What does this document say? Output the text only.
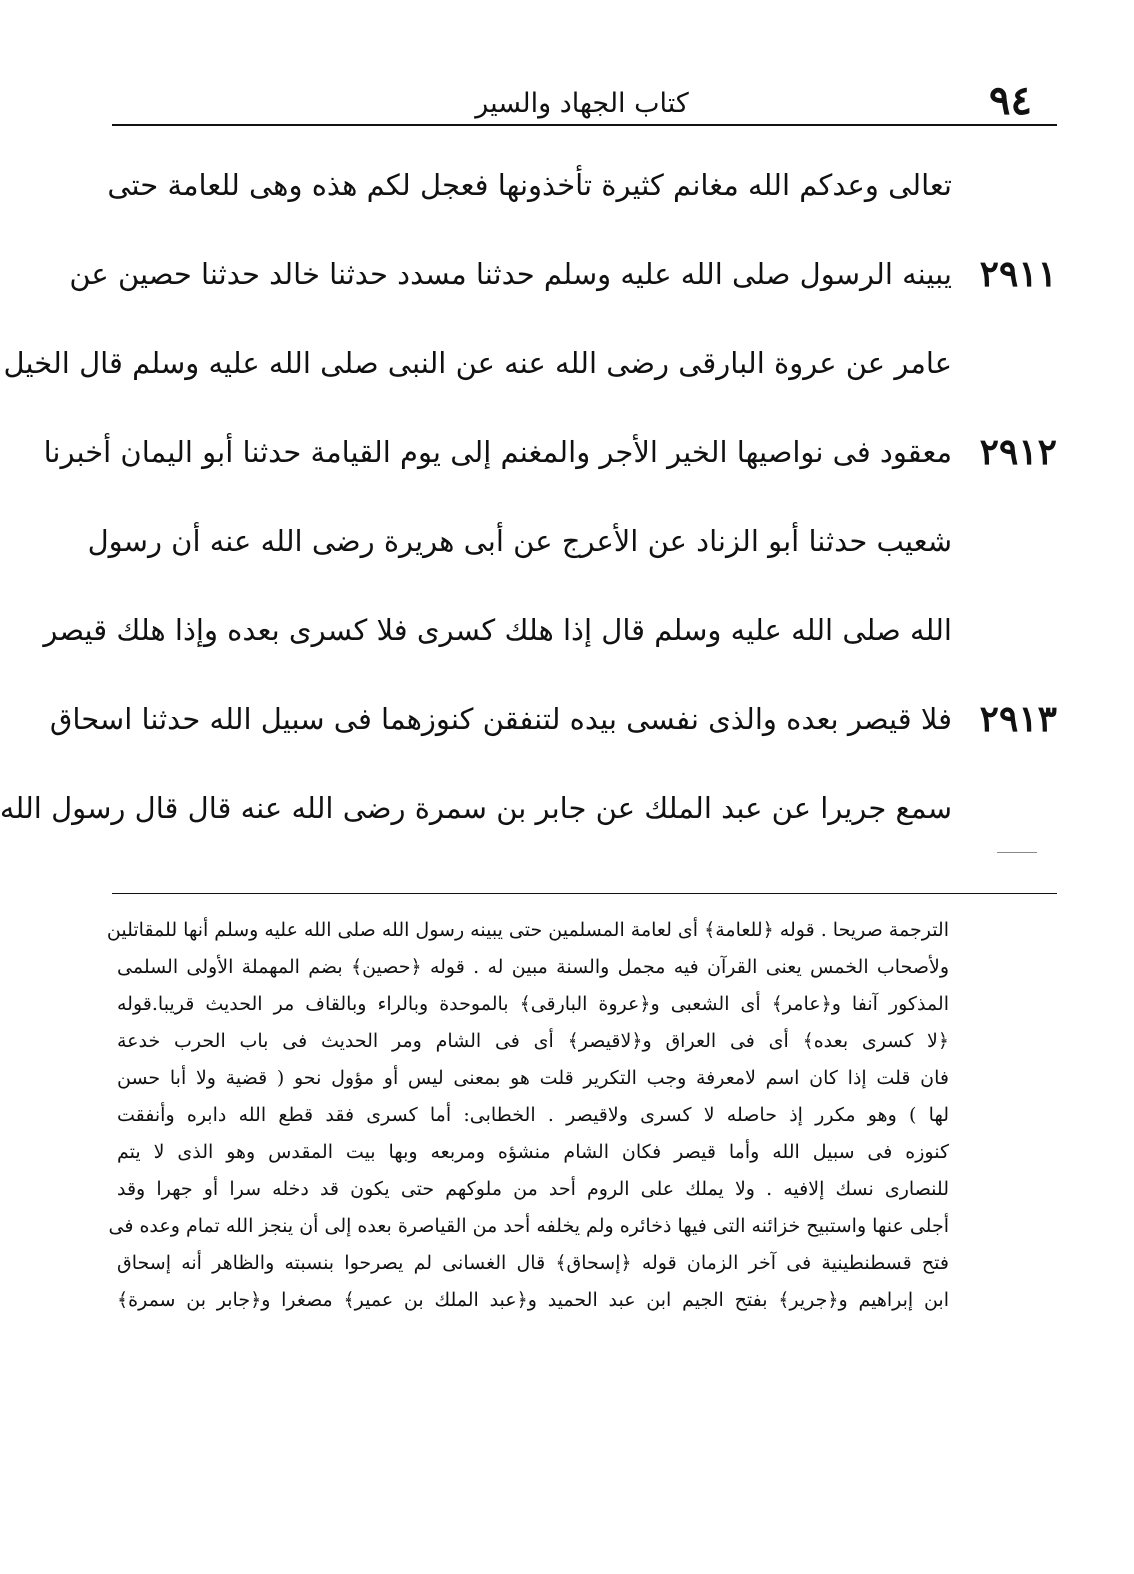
٩٤
كتاب الجهاد والسير
تعالى وعدكم الله مغانم كثيرة تأخذونها فعجل لكم هذه وهى للعامة حتى
٢٩١١
يبينه الرسول صلى الله عليه وسلم حدثنا مسدد حدثنا خالد حدثنا حصين عن
عامر عن عروة البارقى رضى الله عنه عن النبى صلى الله عليه وسلم قال الخيل
٢٩١٢
معقود فى نواصيها الخير الأجر والمغنم إلى يوم القيامة حدثنا أبو اليمان أخبرنا
شعيب حدثنا أبو الزناد عن الأعرج عن أبى هريرة رضى الله عنه أن رسول
الله صلى الله عليه وسلم قال إذا هلك كسرى فلا كسرى بعده وإذا هلك قيصر
٢٩١٣
فلا قيصر بعده والذى نفسى بيده لتنفقن كنوزهما فى سبيل الله حدثنا اسحاق
سمع جريرا عن عبد الملك عن جابر بن سمرة رضى الله عنه قال قال رسول الله
الترجمة صريحا . قوله ﴿للعامة﴾ أى لعامة المسلمين حتى يبينه رسول الله صلى الله عليه وسلم أنها للمقاتلين
ولأصحاب الخمس يعنى القرآن فيه مجمل والسنة مبين له . قوله ﴿حصين﴾ بضم المهملة الأولى السلمى
المذكور آنفا و﴿عامر﴾ أى الشعبى و﴿عروة البارقى﴾ بالموحدة وبالراء وبالقاف مر الحديث قريبا.قوله
﴿لا كسرى بعده﴾ أى فى العراق و﴿لاقيصر﴾ أى فى الشام ومر الحديث فى باب الحرب خدعة
فان قلت إذا كان اسم لامعرفة وجب التكرير قلت هو بمعنى ليس أو مؤول نحو ( قضية ولا أبا حسن
لها ) وهو مكرر إذ حاصله لا كسرى ولاقيصر . الخطابى: أما كسرى فقد قطع الله دابره وأنفقت
كنوزه فى سبيل الله وأما قيصر فكان الشام منشؤه ومربعه وبها بيت المقدس وهو الذى لا يتم
للنصارى نسك إلافيه . ولا يملك على الروم أحد من ملوكهم حتى يكون قد دخله سرا أو جهرا وقد
أجلى عنها واستبيح خزائنه التى فيها ذخائره ولم يخلفه أحد من القياصرة بعده إلى أن ينجز الله تمام وعده فى
فتح قسطنطينية فى آخر الزمان قوله ﴿إسحاق﴾ قال الغسانى لم يصرحوا بنسبته والظاهر أنه إسحاق
ابن إبراهيم و﴿جرير﴾ بفتح الجيم ابن عبد الحميد و﴿عبد الملك بن عمير﴾ مصغرا و﴿جابر بن سمرة﴾
